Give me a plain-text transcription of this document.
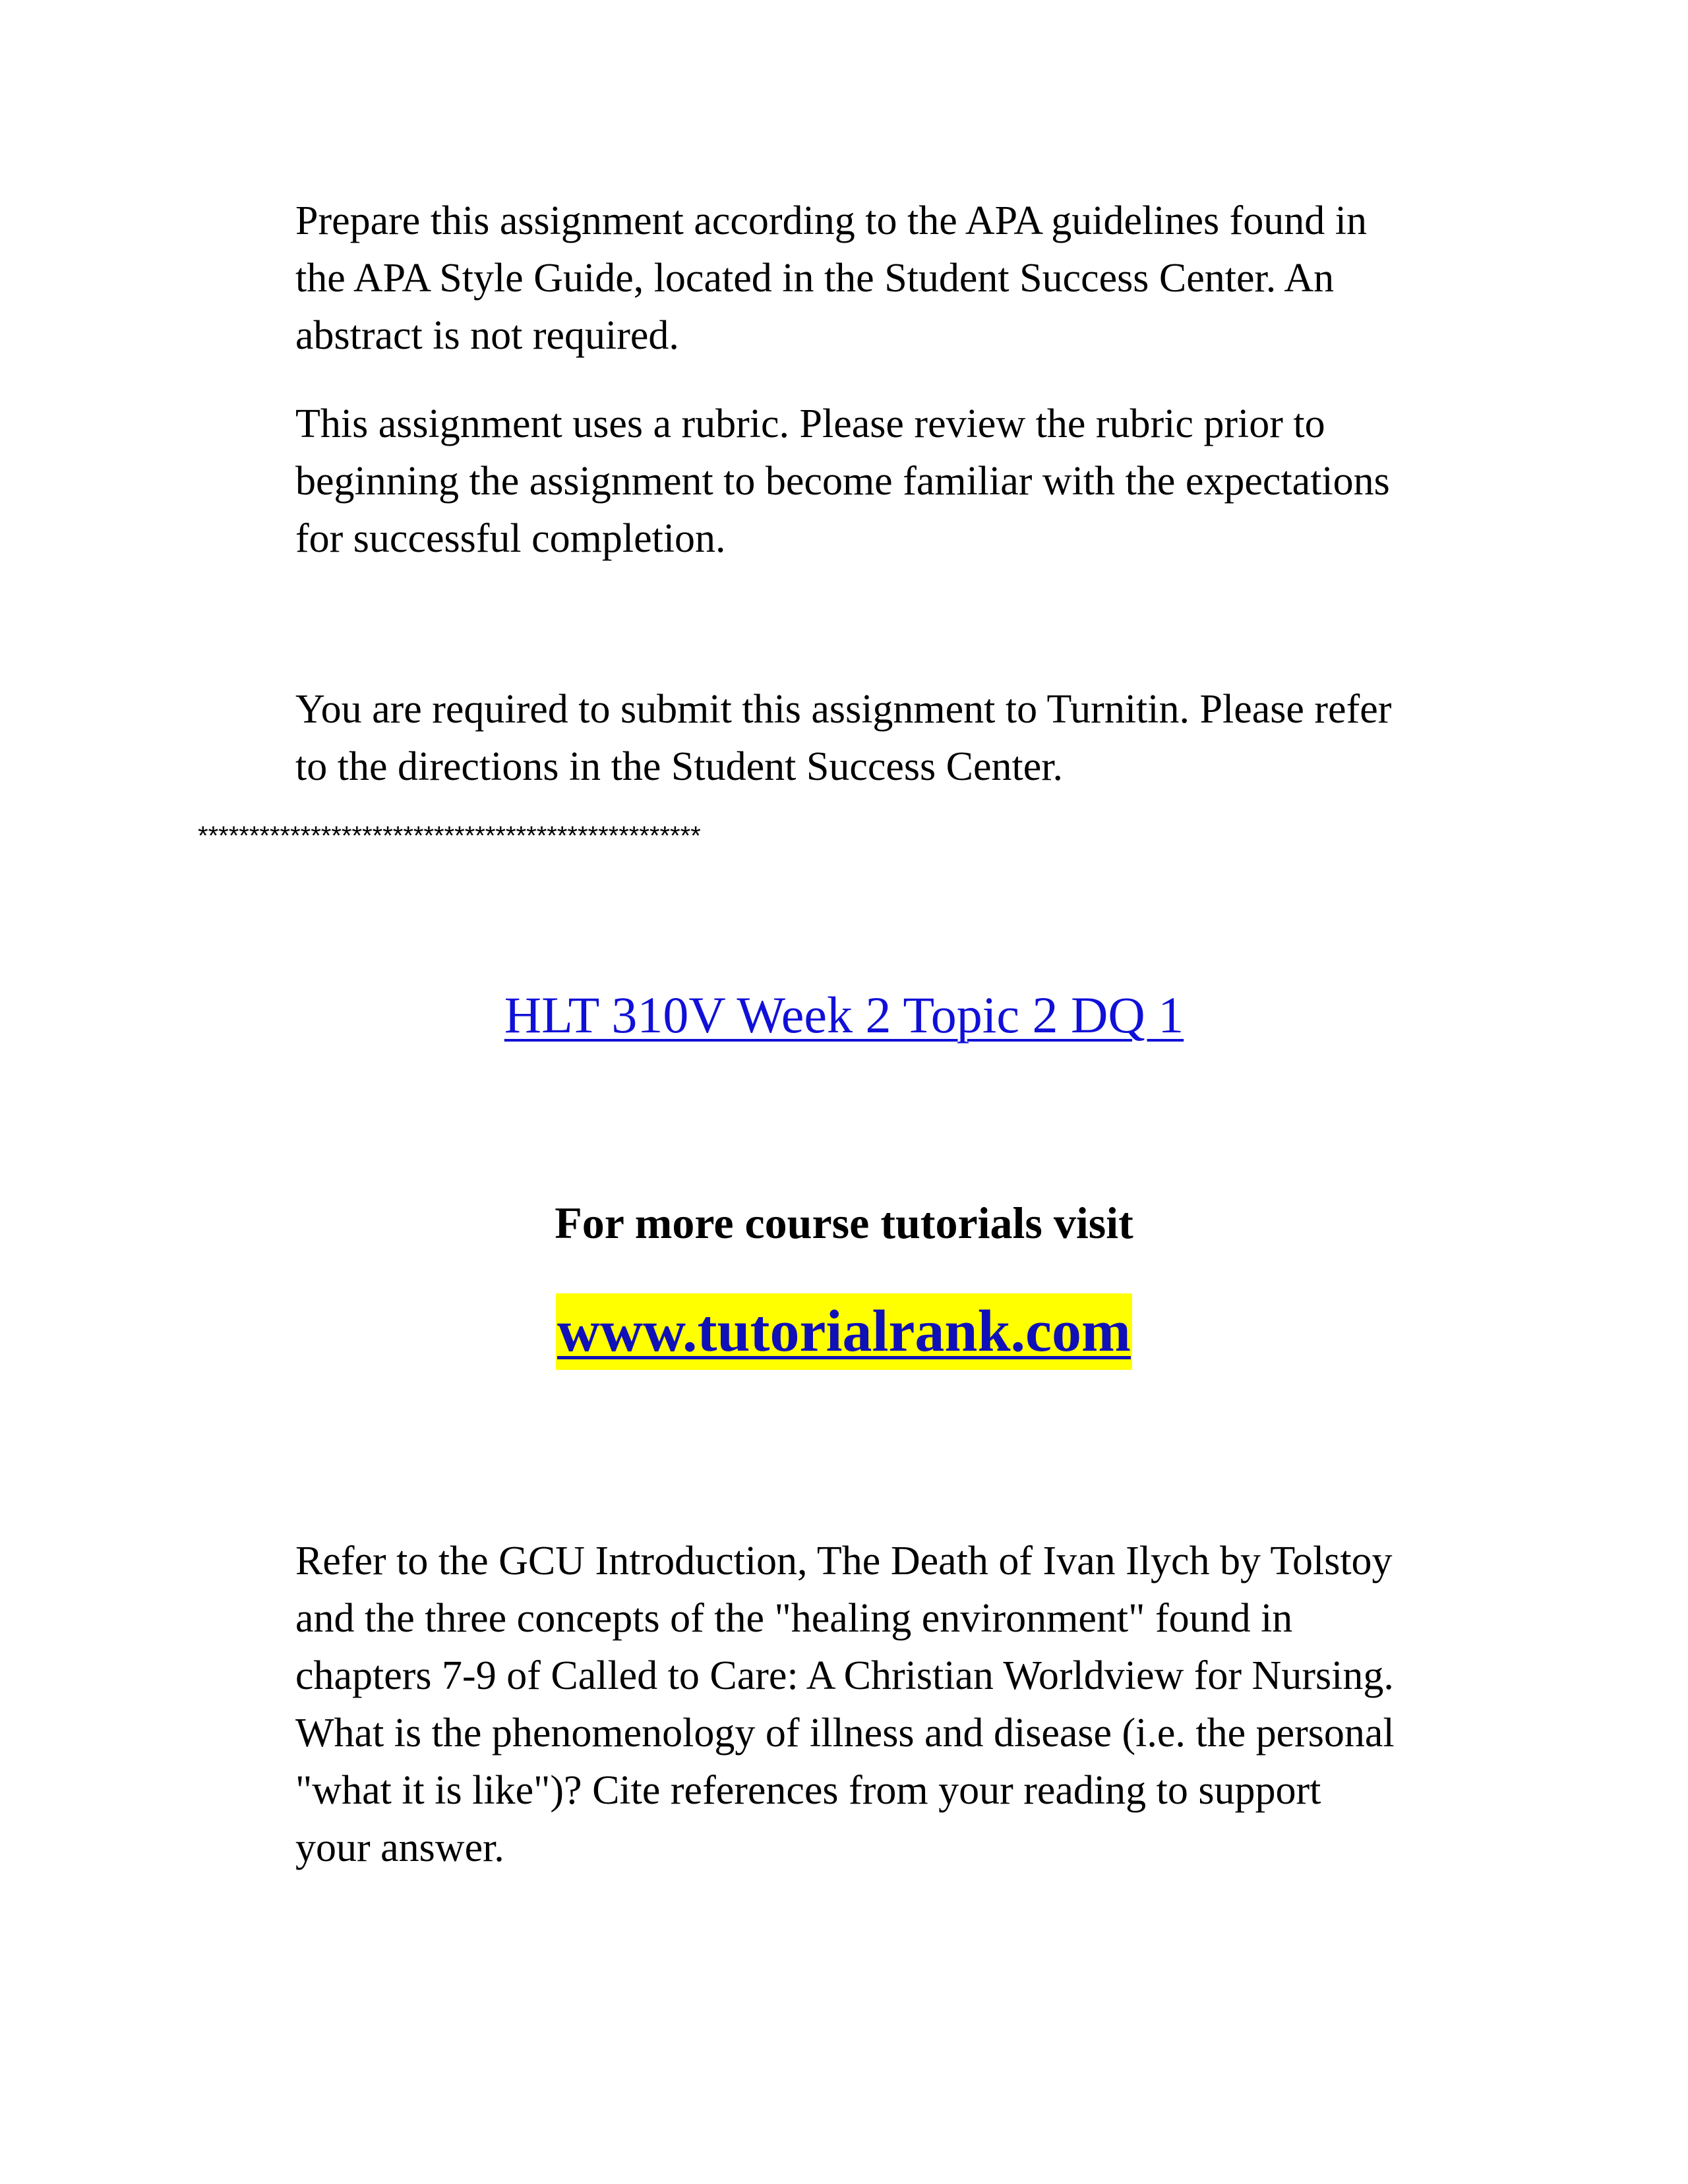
Prepare this assignment according to the APA guidelines found in
the APA Style Guide, located in the Student Success Center. An
abstract is not required.

This assignment uses a rubric. Please review the rubric prior to
beginning the assignment to become familiar with the expectations
for successful completion.

You are required to submit this assignment to Turnitin. Please refer
to the directions in the Student Success Center.

*************************************************
HLT 310V Week 2 Topic 2 DQ 1
For more course tutorials visit
www.tutorialrank.com

Refer to the GCU Introduction, The Death of Ivan Ilych by Tolstoy
and the three concepts of the "healing environment" found in
chapters 7-9 of Called to Care: A Christian Worldview for Nursing.
What is the phenomenology of illness and disease (i.e. the personal
"what it is like")? Cite references from your reading to support
your answer.
